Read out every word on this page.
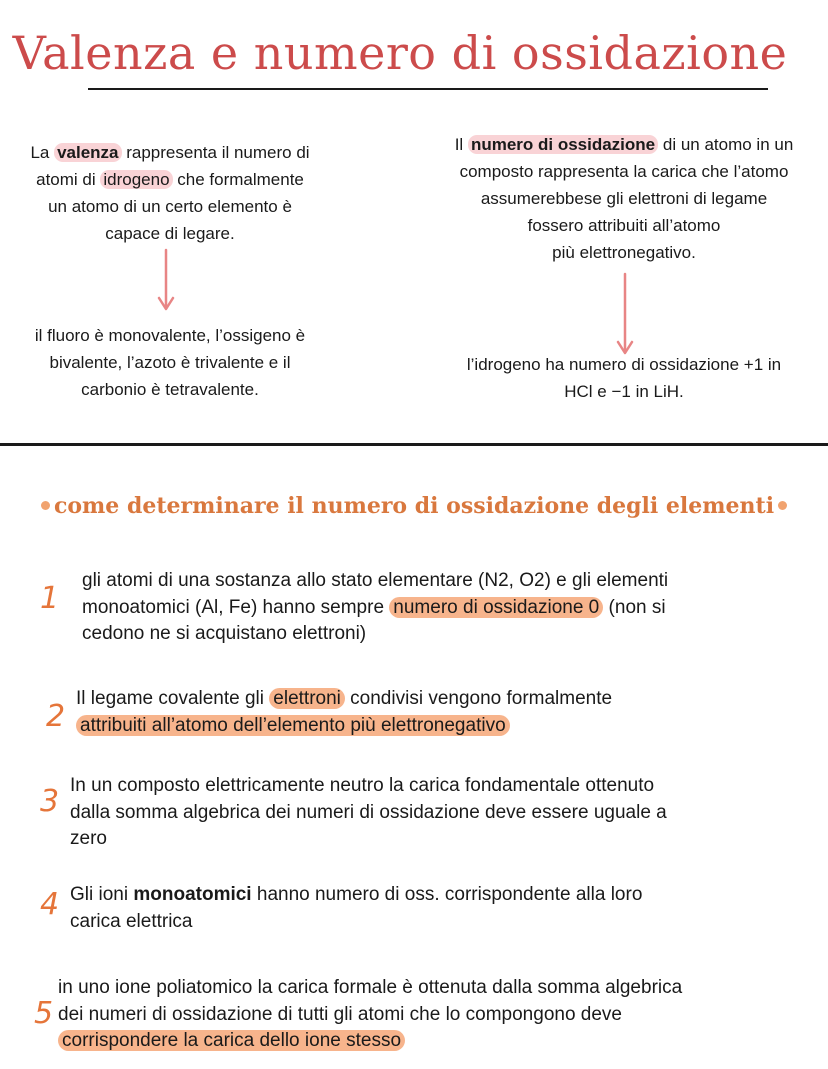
Valenza e numero di ossidazione

La valenza rappresenta il numero di
atomi di idrogeno che formalmente
un atomo di un certo elemento è
capace di legare.

il fluoro è monovalente, l’ossigeno è
bivalente, l’azoto è trivalente e il
carbonio è tetravalente.

Il numero di ossidazione di un atomo in un
composto rappresenta la carica che l’atomo
assumerebbese gli elettroni di legame
fossero attribuiti all’atomo
più elettronegativo.

l’idrogeno ha numero di ossidazione +1 in
HCl e −1 in LiH.

come determinare il numero di ossidazione degli elementi
1

gli atomi di una sostanza allo stato elementare (N2, O2) e gli elementi
monoatomici (Al, Fe) hanno sempre numero di ossidazione 0 (non si
cedono ne si acquistano elettroni)

2

Il legame covalente gli elettroni condivisi vengono formalmente
attribuiti all’atomo dell’elemento più elettronegativo

3 In un composto elettricamente neutro la carica fondamentale ottenuto
dalla somma algebrica dei numeri di ossidazione deve essere uguale a
zero

4 Gli ioni monoatomici hanno numero di oss. corrispondente alla loro
carica elettrica

5

in uno ione poliatomico la carica formale è ottenuta dalla somma algebrica
dei numeri di ossidazione di tutti gli atomi che lo compongono deve
corrispondere la carica dello ione stesso
